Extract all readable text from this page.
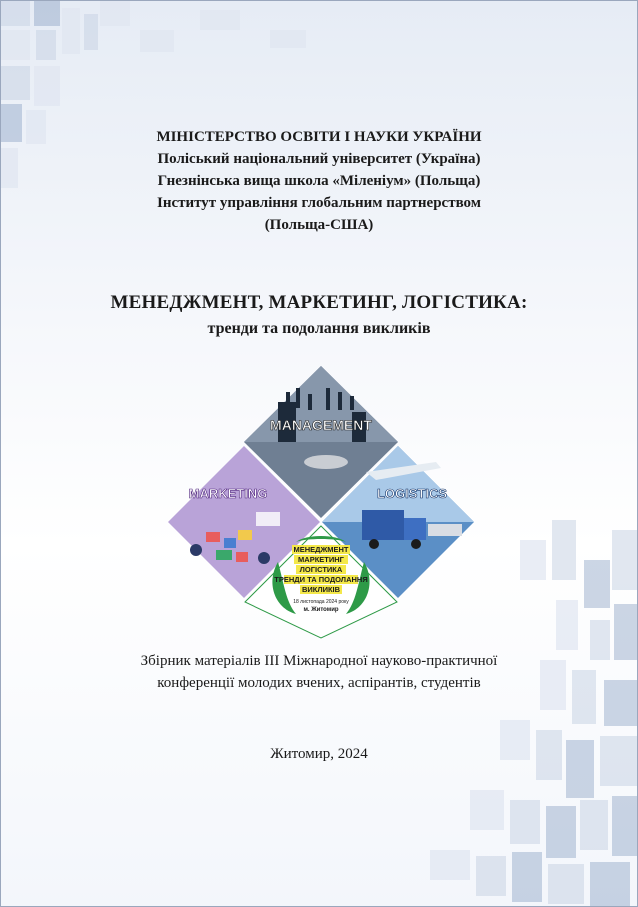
МІНІСТЕРСТВО ОСВІТИ І НАУКИ УКРАЇНИ
Поліський національний університет (Україна)
Гнезнінська вища школа «Міленіум» (Польща)
Інститут управління глобальним партнерством
(Польща-США)
МЕНЕДЖМЕНТ, МАРКЕТИНГ, ЛОГІСТИКА:
тренди та подолання викликів
MANAGEMENT
MARKETING	LOGISTICS
МЕНЕДЖМЕНТ
МАРКЕТИНГ
ЛОГІСТИКА
ТРЕНДИ ТА ПОДОЛАННЯ
ВИКЛИКІВ
18 листопада 2024 року
м. Житомир
Збірник матеріалів ІІІ Міжнародної науково-практичної
конференції молодих вчених, аспірантів, студентів
Житомир, 2024
